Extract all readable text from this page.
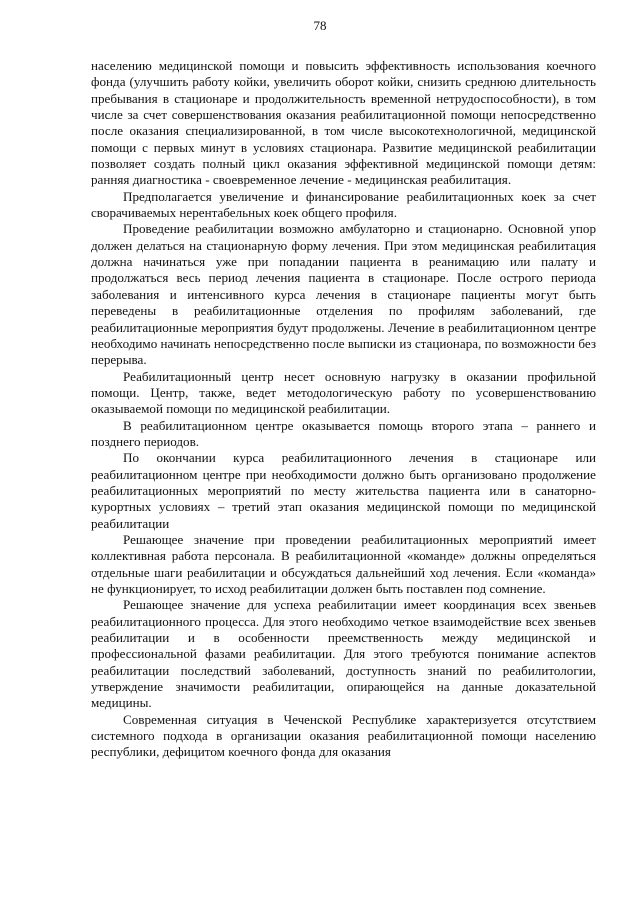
78

населению медицинской помощи и повысить эффективность использования коечного фонда (улучшить работу койки, увеличить оборот койки, снизить среднюю длительность пребывания в стационаре и продолжительность временной нетрудоспособности), в том числе за счет совершенствования оказания реабилитационной помощи непосредственно после оказания специализированной, в том числе высокотехнологичной, медицинской помощи с первых минут в условиях стационара. Развитие медицинской реабилитации позволяет создать полный цикл оказания эффективной медицинской помощи детям: ранняя диагностика - своевременное лечение - медицинская реабилитация.

Предполагается увеличение и финансирование реабилитационных коек за счет сворачиваемых нерентабельных коек общего профиля.

Проведение реабилитации возможно амбулаторно и стационарно. Основной упор должен делаться на стационарную форму лечения. При этом медицинская реабилитация должна начинаться уже при попадании пациента в реанимацию или палату и продолжаться весь период лечения пациента в стационаре. После острого периода заболевания и интенсивного курса лечения в стационаре пациенты могут быть переведены в реабилитационные отделения по профилям заболеваний, где реабилитационные мероприятия будут продолжены. Лечение в реабилитационном центре необходимо начинать непосредственно после выписки из стационара, по возможности без перерыва.

Реабилитационный центр несет основную нагрузку в оказании профильной помощи. Центр, также, ведет методологическую работу по усовершенствованию оказываемой помощи по медицинской реабилитации.

В реабилитационном центре оказывается помощь второго этапа – раннего и позднего периодов.

По окончании курса реабилитационного лечения в стационаре или реабилитационном центре при необходимости должно быть организовано продолжение реабилитационных мероприятий по месту жительства пациента или в санаторно-курортных условиях – третий этап оказания медицинской помощи по медицинской реабилитации

Решающее значение при проведении реабилитационных мероприятий имеет коллективная работа персонала. В реабилитационной «команде» должны определяться отдельные шаги реабилитации и обсуждаться дальнейший ход лечения. Если «команда» не функционирует, то исход реабилитации должен быть поставлен под сомнение.

Решающее значение для успеха реабилитации имеет координация всех звеньев реабилитационного процесса. Для этого необходимо четкое взаимодействие всех звеньев реабилитации и в особенности преемственность между медицинской и профессиональной фазами реабилитации. Для этого требуются понимание аспектов реабилитации последствий заболеваний, доступность знаний по реабилитологии, утверждение значимости реабилитации, опирающейся на данные доказательной медицины.

Современная ситуация в Чеченской Республике характеризуется отсутствием системного подхода в организации оказания реабилитационной помощи населению республики, дефицитом коечного фонда для оказания
